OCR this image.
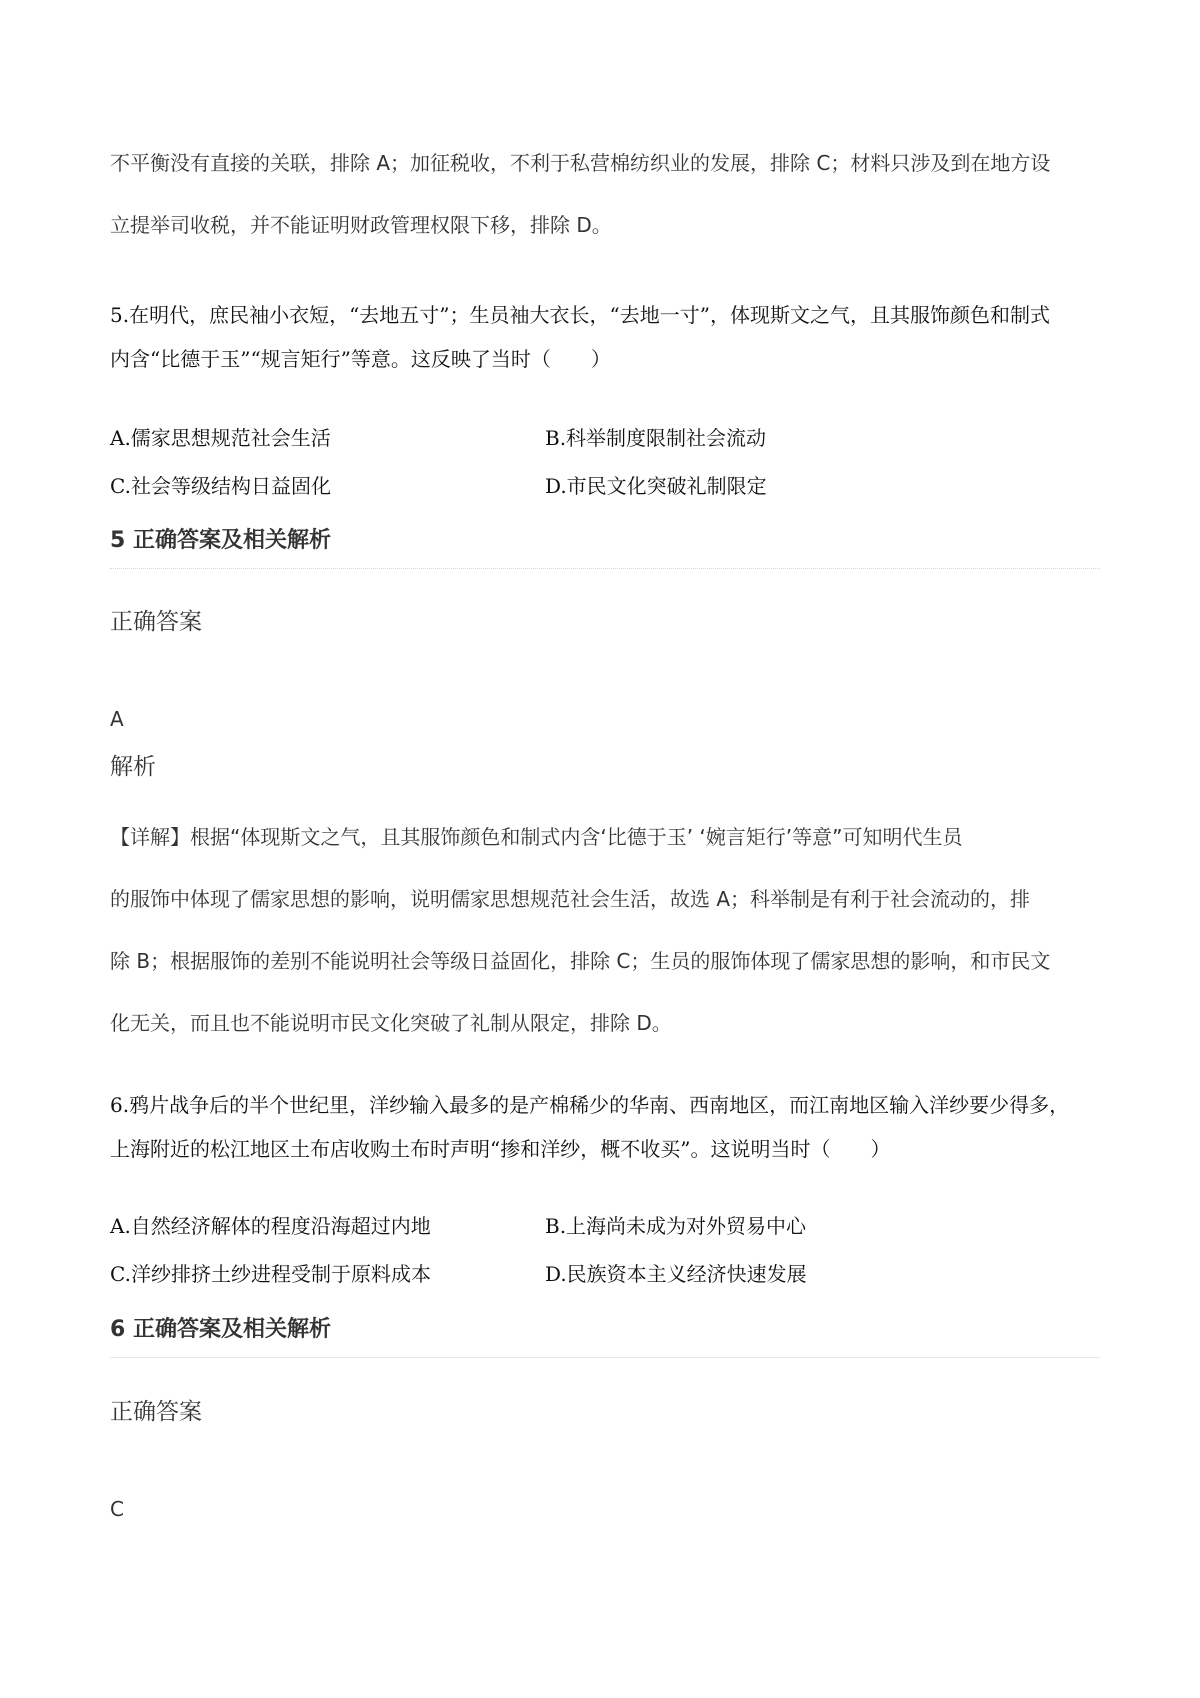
不平衡没有直接的关联，排除 A；加征税收，不利于私营棉纺织业的发展，排除 C；材料只涉及到在地方设

立提举司收税，并不能证明财政管理权限下移，排除 D。

5.在明代，庶民袖小衣短，“去地五寸”；生员袖大衣长，“去地一寸”，体现斯文之气，且其服饰颜色和制式

内含“比德于玉”“规言矩行”等意。这反映了当时（　　）

A.儒家思想规范社会生活	B.科举制度限制社会流动
C.社会等级结构日益固化	D.市民文化突破礼制限定
5 正确答案及相关解析

正确答案

A

解析

【详解】根据“体现斯文之气，且其服饰颜色和制式内含‘比德于玉’ ‘婉言矩行’等意”可知明代生员

的服饰中体现了儒家思想的影响，说明儒家思想规范社会生活，故选 A；科举制是有利于社会流动的，排

除 B；根据服饰的差别不能说明社会等级日益固化，排除 C；生员的服饰体现了儒家思想的影响，和市民文

化无关，而且也不能说明市民文化突破了礼制从限定，排除 D。

6.鸦片战争后的半个世纪里，洋纱输入最多的是产棉稀少的华南、西南地区，而江南地区输入洋纱要少得多，

上海附近的松江地区土布店收购土布时声明“掺和洋纱，概不收买”。这说明当时（　　）

A.自然经济解体的程度沿海超过内地	B.上海尚未成为对外贸易中心
C.洋纱排挤土纱进程受制于原料成本	D.民族资本主义经济快速发展
6 正确答案及相关解析

正确答案

C
